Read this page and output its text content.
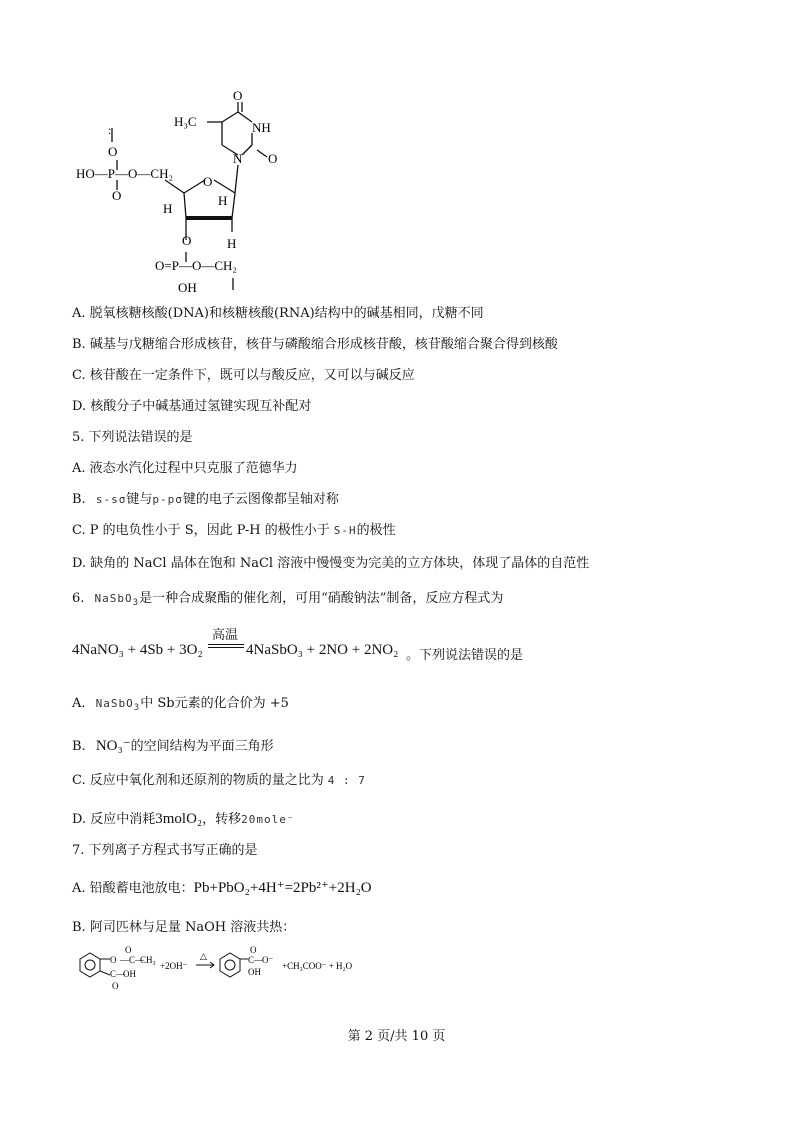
:
O
HO—P—O—CH₂
O
O
H
H
O	H
O=P—O—CH₂
OH
H₃C
O
NH
N O
A. 脱氧核糖核酸(DNA)和核糖核酸(RNA)结构中的碱基相同，戊糖不同
B. 碱基与戊糖缩合形成核苷，核苷与磷酸缩合形成核苷酸，核苷酸缩合聚合得到核酸
C. 核苷酸在一定条件下，既可以与酸反应，又可以与碱反应
D. 核酸分子中碱基通过氢键实现互补配对
5. 下列说法错误的是
A. 液态水汽化过程中只克服了范德华力
B. s-sσ键与p-pσ键的电子云图像都呈轴对称
C. P 的电负性小于 S，因此 P-H 的极性小于 S-H的极性
D. 缺角的 NaCl 晶体在饱和 NaCl 溶液中慢慢变为完美的立方体块，体现了晶体的自范性
6. NaSbO$_3$是一种合成聚酯的催化剂，可用“硝酸钠法”制备，反应方程式为
4NaNO₃ + 4Sb + 3O₂
高温
4NaSbO₃ + 2NO + 2NO₂ 。下列说法错误的是
A. NaSbO$_3$中 Sb元素的化合价为 +5
B. NO₃⁻的空间结构为平面三角形
C. 反应中氧化剂和还原剂的物质的量之比为 4 : 7
D. 反应中消耗3molO₂，转移20mole⁻
7. 下列离子方程式书写正确的是
A. 铅酸蓄电池放电：Pb+PbO₂+4H⁺=2Pb²⁺+2H₂O
B. 阿司匹林与足量 NaOH 溶液共热：
O —C—
CH₃
C—
OH
O
O
+2OH⁻
△	C—
O⁻
O
OH
+CH₃COO⁻ + H₂O
第 2 页/共 10 页
